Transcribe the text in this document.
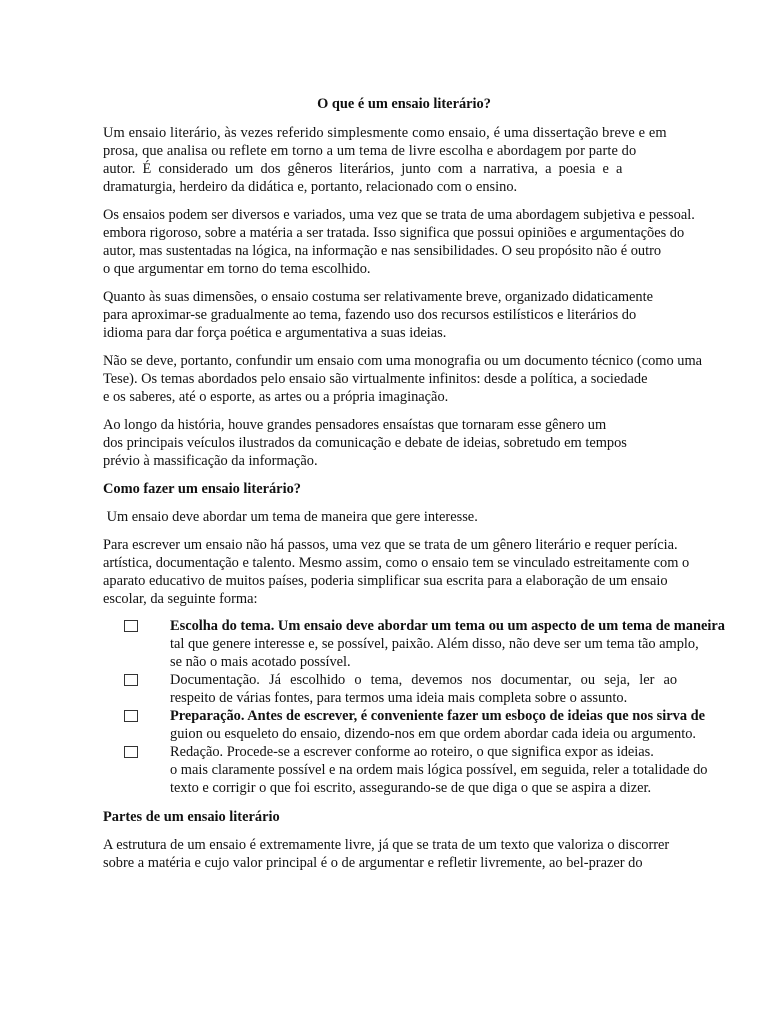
O que é um ensaio literário?
Um ensaio literário, às vezes referido simplesmente como ensaio, é uma dissertação breve e em
prosa, que analisa ou reflete em torno a um tema de livre escolha e abordagem por parte do
autor. É considerado um dos gêneros literários, junto com a narrativa, a poesia e a
dramaturgia, herdeiro da didática e, portanto, relacionado com o ensino.
Os ensaios podem ser diversos e variados, uma vez que se trata de uma abordagem subjetiva e pessoal.
embora rigoroso, sobre a matéria a ser tratada. Isso significa que possui opiniões e argumentações do
autor, mas sustentadas na lógica, na informação e nas sensibilidades. O seu propósito não é outro
o que argumentar em torno do tema escolhido.
Quanto às suas dimensões, o ensaio costuma ser relativamente breve, organizado didaticamente
para aproximar-se gradualmente ao tema, fazendo uso dos recursos estilísticos e literários do
idioma para dar força poética e argumentativa a suas ideias.
Não se deve, portanto, confundir um ensaio com uma monografia ou um documento técnico (como uma
Tese). Os temas abordados pelo ensaio são virtualmente infinitos: desde a política, a sociedade
e os saberes, até o esporte, as artes ou a própria imaginação.
Ao longo da história, houve grandes pensadores ensaístas que tornaram esse gênero um
dos principais veículos ilustrados da comunicação e debate de ideias, sobretudo em tempos
prévio à massificação da informação.
Como fazer um ensaio literário?
Um ensaio deve abordar um tema de maneira que gere interesse.
Para escrever um ensaio não há passos, uma vez que se trata de um gênero literário e requer perícia.
artística, documentação e talento. Mesmo assim, como o ensaio tem se vinculado estreitamente com o
aparato educativo de muitos países, poderia simplificar sua escrita para a elaboração de um ensaio
escolar, da seguinte forma:
Escolha do tema. Um ensaio deve abordar um tema ou um aspecto de um tema de maneira
tal que genere interesse e, se possível, paixão. Além disso, não deve ser um tema tão amplo,
se não o mais acotado possível.
Documentação. Já escolhido o tema, devemos nos documentar, ou seja, ler ao
respeito de várias fontes, para termos uma ideia mais completa sobre o assunto.
Preparação. Antes de escrever, é conveniente fazer um esboço de ideias que nos sirva de
guion ou esqueleto do ensaio, dizendo-nos em que ordem abordar cada ideia ou argumento.
Redação. Procede-se a escrever conforme ao roteiro, o que significa expor as ideias.
o mais claramente possível e na ordem mais lógica possível, em seguida, reler a totalidade do
texto e corrigir o que foi escrito, assegurando-se de que diga o que se aspira a dizer.
Partes de um ensaio literário
A estrutura de um ensaio é extremamente livre, já que se trata de um texto que valoriza o discorrer
sobre a matéria e cujo valor principal é o de argumentar e refletir livremente, ao bel-prazer do
